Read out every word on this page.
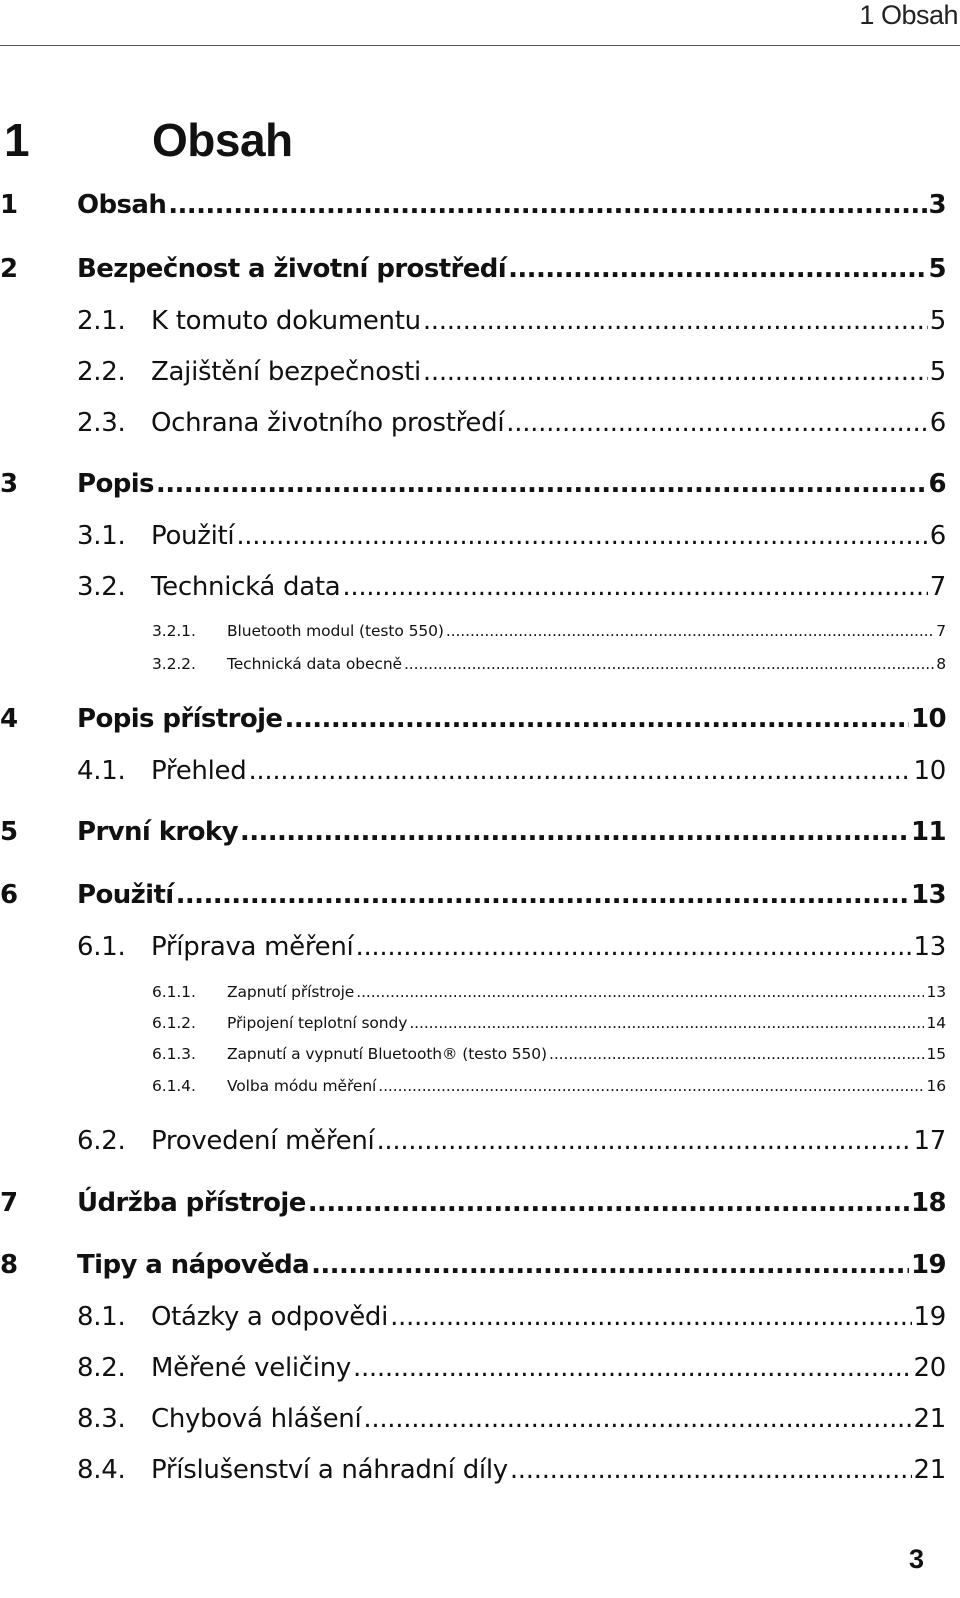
1 Obsah
1	Obsah
1	Obsah .....	3
2	Bezpečnost a životní prostředí .....	5
2.1. K tomuto dokumentu .....	5
2.2. Zajištění bezpečnosti .....	5
2.3. Ochrana životního prostředí .....	6
3	Popis .....	6
3.1. Použití .....	6
3.2. Technická data .....	7
3.2.1.	Bluetooth modul (testo 550) .....	7
3.2.2.	Technická data obecně .....	8
4	Popis přístroje .....	10
4.1. Přehled .....	10
5	První kroky .....	11
6	Použití .....	13
6.1. Příprava měření .....	13
6.1.1.	Zapnutí přístroje .....	13
6.1.2.	Připojení teplotní sondy .....	14
6.1.3.	Zapnutí a vypnutí Bluetooth® (testo 550) .....	15
6.1.4.	Volba módu měření .....	16
6.2. Provedení měření .....	17
7	Údržba přístroje .....	18
8	Tipy a nápověda .....	19
8.1. Otázky a odpovědi .....	19
8.2. Měřené veličiny .....	20
8.3. Chybová hlášení .....	21
8.4. Příslušenství a náhradní díly .....	21
3
